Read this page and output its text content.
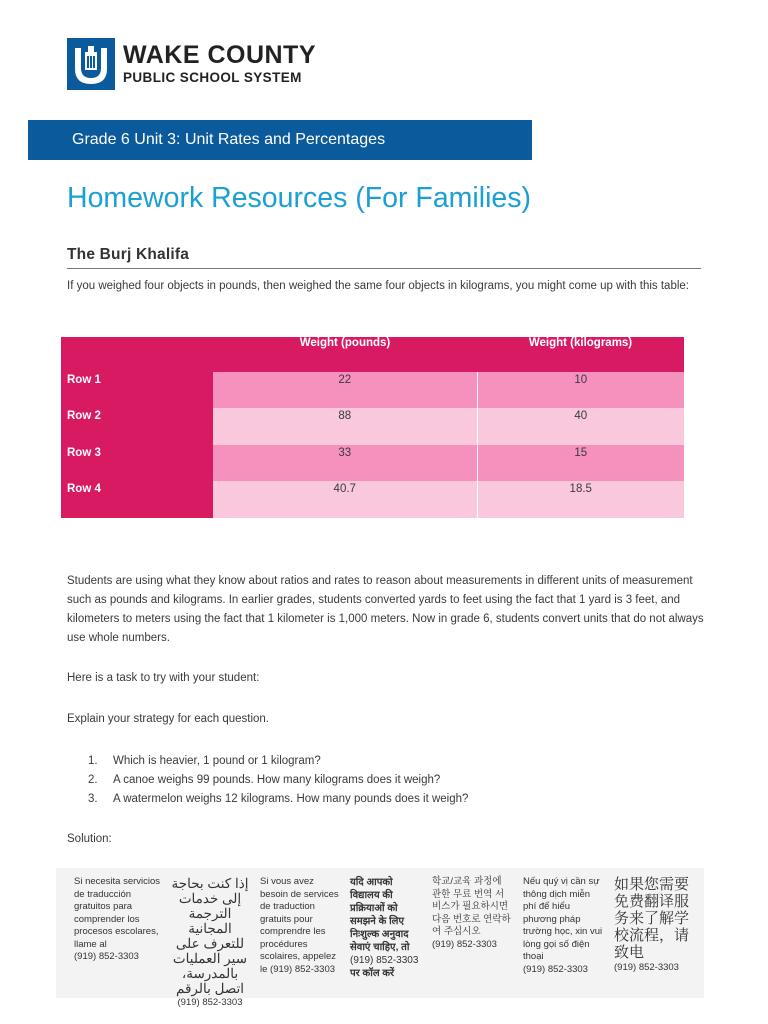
WAKE COUNTY
PUBLIC SCHOOL SYSTEM
Grade 6 Unit 3: Unit Rates and Percentages
Homework Resources (For Families)
The Burj Khalifa
If you weighed four objects in pounds, then weighed the same four objects in kilograms, you might come up with this table:
	Weight (pounds)	Weight (kilograms)
Row 1	22	10
Row 2	88	40
Row 3	33	15
Row 4	40.7	18.5
Students are using what they know about ratios and rates to reason about measurements in different units of measurement such as pounds and kilograms. In earlier grades, students converted yards to feet using the fact that 1 yard is 3 feet, and kilometers to meters using the fact that 1 kilometer is 1,000 meters. Now in grade 6, students convert units that do not always use whole numbers.
Here is a task to try with your student:
Explain your strategy for each question.
1.	Which is heavier, 1 pound or 1 kilogram?
2.	A canoe weighs 99 pounds. How many kilograms does it weigh?
3.	A watermelon weighs 12 kilograms. How many pounds does it weigh?
Solution:
Si necesita servicios de traducción gratuitos para comprender los procesos escolares, llame al
(919) 852-3303
إذا كنت بحاجة إلى خدمات الترجمة المجانية للتعرف على سير العمليات بالمدرسة، اتصل بالرقم
(919) 852-3303
Si vous avez besoin de services de traduction gratuits pour comprendre les procédures scolaires, appelez le (919) 852-3303
यदि आपको विद्यालय की प्रक्रियाओं को समझने के लिए निःशुल्क अनुवाद सेवाएं चाहिए, तो
(919) 852-3303
पर कॉल करें
학교/교육 과정에 관한 무료 번역 서비스가 필요하시면 다음 번호로 연락하여 주십시오
(919) 852-3303
Nếu quý vị cần sự thông dịch miễn phí để hiểu phương pháp trường học, xin vui lòng gọi số điện thoại
(919) 852-3303
如果您需要免费翻译服务来了解学校流程，请致电
(919) 852-3303
